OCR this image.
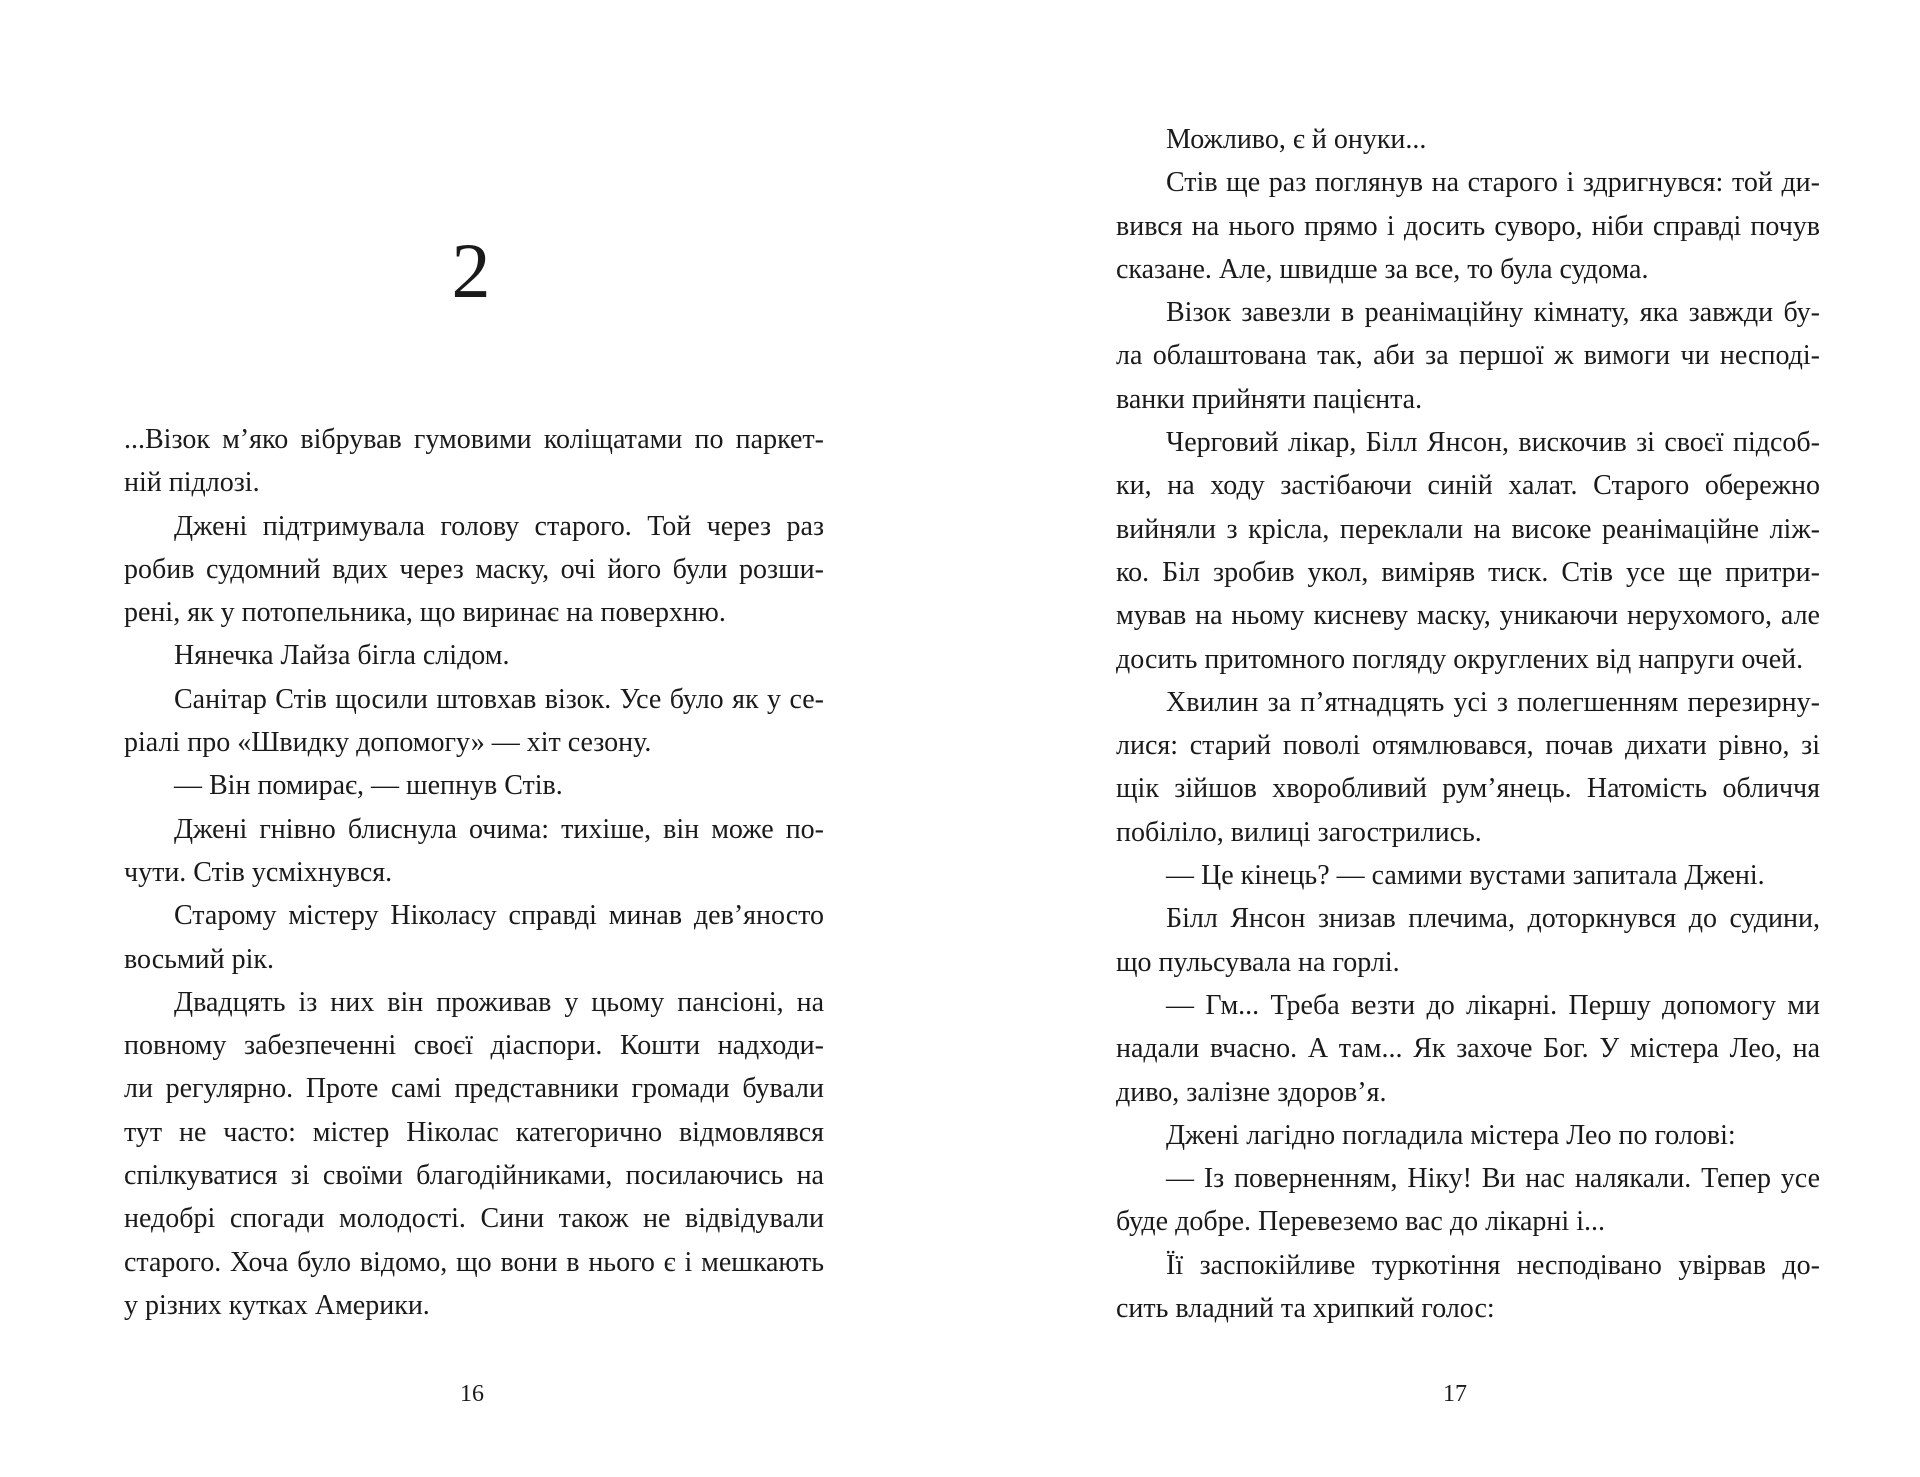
2
...Візок м’яко вібрував гумовими коліщатами по паркет-
ній підлозі.
Джені підтримувала голову старого. Той через раз
робив судомний вдих через маску, очі його були розши-
рені, як у потопельника, що виринає на поверхню.
Нянечка Лайза бігла слідом.
Санітар Стів щосили штовхав візок. Усе було як у се-
ріалі про «Швидку допомогу» — хіт сезону.
— Він помирає, — шепнув Стів.
Джені гнівно блиснула очима: тихіше, він може по-
чути. Стів усміхнувся.
Старому містеру Ніколасу справді минав дев’яносто
восьмий рік.
Двадцять із них він проживав у цьому пансіоні, на
повному забезпеченні своєї діаспори. Кошти надходи-
ли регулярно. Проте самі представники громади бували
тут не часто: містер Ніколас категорично відмовлявся
спілкуватися зі своїми благодійниками, посилаючись на
недобрі спогади молодості. Сини також не відвідували
старого. Хоча було відомо, що вони в нього є і мешкають
у різних кутках Америки.
16
Можливо, є й онуки...
Стів ще раз поглянув на старого і здригнувся: той ди-
вився на нього прямо і досить суворо, ніби справді почув
сказане. Але, швидше за все, то була судома.
Візок завезли в реанімаційну кімнату, яка завжди бу-
ла облаштована так, аби за першої ж вимоги чи несподі-
ванки прийняти пацієнта.
Черговий лікар, Білл Янсон, вискочив зі своєї підсоб-
ки, на ходу застібаючи синій халат. Старого обережно
вийняли з крісла, переклали на високе реанімаційне ліж-
ко. Біл зробив укол, виміряв тиск. Стів усе ще притри-
мував на ньому кисневу маску, уникаючи нерухомого, але
досить притомного погляду округлених від напруги очей.
Хвилин за п’ятнадцять усі з полегшенням перезирну-
лися: старий поволі отямлювався, почав дихати рівно, зі
щік зійшов хворобливий рум’янець. Натомість обличчя
побіліло, вилиці загострились.
— Це кінець? — самими вустами запитала Джені.
Білл Янсон знизав плечима, доторкнувся до судини,
що пульсувала на горлі.
— Гм... Треба везти до лікарні. Першу допомогу ми
надали вчасно. А там... Як захоче Бог. У містера Лео, на
диво, залізне здоров’я.
Джені лагідно погладила містера Лео по голові:
— Із поверненням, Ніку! Ви нас налякали. Тепер усе
буде добре. Перевеземо вас до лікарні і...
Її заспокійливе туркотіння несподівано увірвав до-
сить владний та хрипкий голос:
17
